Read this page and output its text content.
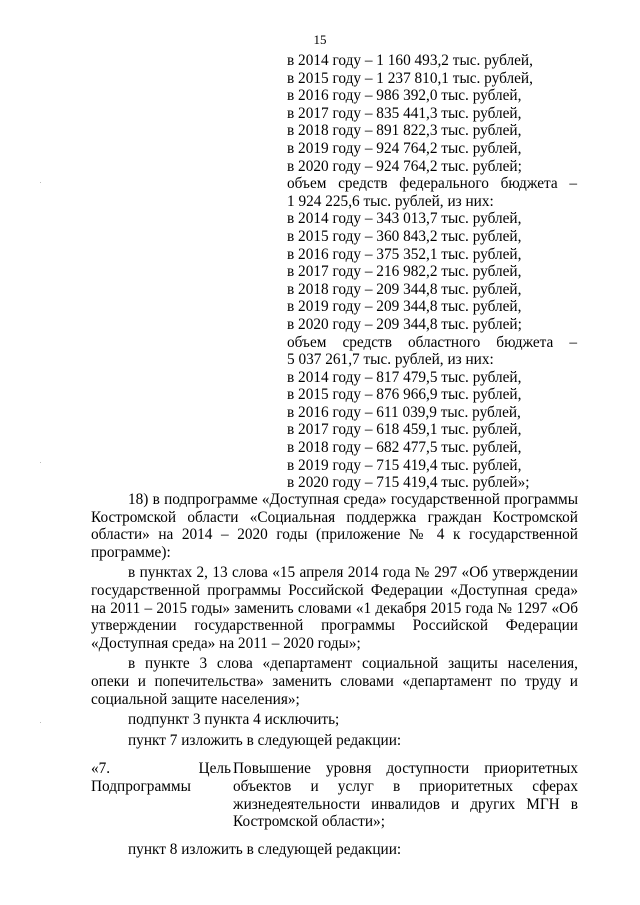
15
в 2014 году – 1 160 493,2 тыс. рублей,
в 2015 году – 1 237 810,1 тыс. рублей,
в 2016 году – 986 392,0 тыс. рублей,
в 2017 году – 835 441,3 тыс. рублей,
в 2018 году – 891 822,3 тыс. рублей,
в 2019 году – 924 764,2 тыс. рублей,
в 2020 году – 924 764,2 тыс. рублей;
объем средств федерального бюджета –
1 924 225,6 тыс. рублей, из них:
в 2014 году – 343 013,7 тыс. рублей,
в 2015 году – 360 843,2 тыс. рублей,
в 2016 году – 375 352,1 тыс. рублей,
в 2017 году – 216 982,2 тыс. рублей,
в 2018 году – 209 344,8 тыс. рублей,
в 2019 году – 209 344,8 тыс. рублей,
в 2020 году – 209 344,8 тыс. рублей;
объем средств областного бюджета –
5 037 261,7 тыс. рублей, из них:
в 2014 году – 817 479,5 тыс. рублей,
в 2015 году – 876 966,9 тыс. рублей,
в 2016 году – 611 039,9 тыс. рублей,
в 2017 году – 618 459,1 тыс. рублей,
в 2018 году – 682 477,5 тыс. рублей,
в 2019 году – 715 419,4 тыс. рублей,
в 2020 году – 715 419,4 тыс. рублей»;
18) в подпрограмме «Доступная среда» государственной программы Костромской области «Социальная поддержка граждан Костромской области» на 2014 – 2020 годы (приложение № 4 к государственной программе):
в пунктах 2, 13 слова «15 апреля 2014 года № 297 «Об утверждении государственной программы Российской Федерации «Доступная среда» на 2011 – 2015 годы» заменить словами «1 декабря 2015 года № 1297 «Об утверждении государственной программы Российской Федерации «Доступная среда» на 2011 – 2020 годы»;
в пункте 3 слова «департамент социальной защиты населения, опеки и попечительства» заменить словами «департамент по труду и социальной защите населения»;
подпункт 3 пункта 4 исключить;
пункт 7 изложить в следующей редакции:
«7.	Цель
Подпрограммы
Повышение уровня доступности приоритетных объектов и услуг в приоритетных сферах жизнедеятельности инвалидов и других МГН в Костромской области»;
пункт 8 изложить в следующей редакции:
